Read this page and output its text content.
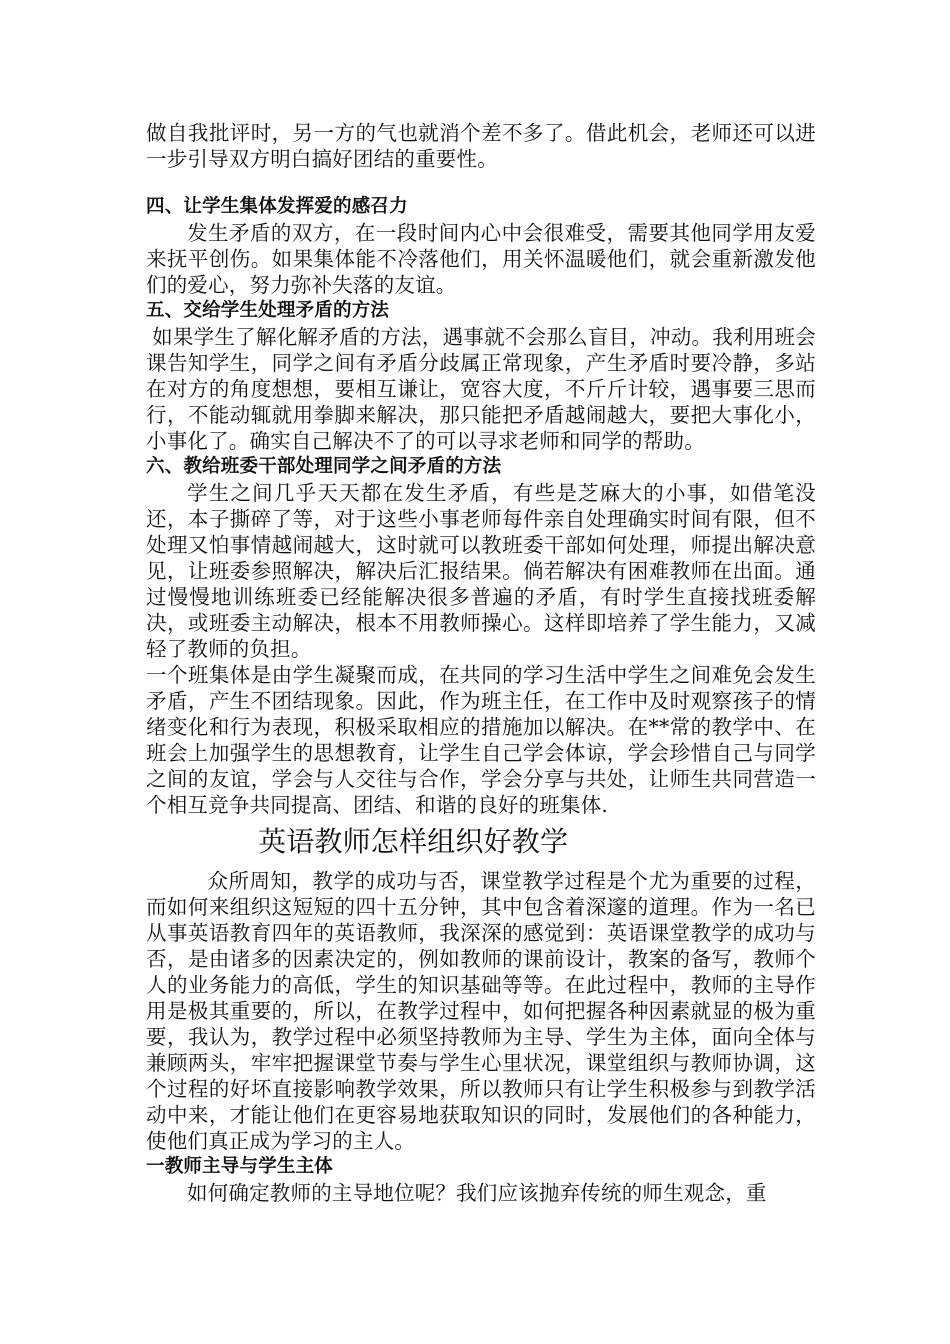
做自我批评时，另一方的气也就消个差不多了。借此机会，老师还可以进一步引导双方明白搞好团结的重要性。

四、让学生集体发挥爱的感召力

发生矛盾的双方，在一段时间内心中会很难受，需要其他同学用友爱来抚平创伤。如果集体能不冷落他们，用关怀温暖他们，就会重新激发他们的爱心，努力弥补失落的友谊。

五、交给学生处理矛盾的方法

如果学生了解化解矛盾的方法，遇事就不会那么盲目，冲动。我利用班会课告知学生，同学之间有矛盾分歧属正常现象，产生矛盾时要冷静，多站在对方的角度想想，要相互谦让，宽容大度，不斤斤计较，遇事要三思而行，不能动辄就用拳脚来解决，那只能把矛盾越闹越大，要把大事化小，小事化了。确实自己解决不了的可以寻求老师和同学的帮助。

六、教给班委干部处理同学之间矛盾的方法

学生之间几乎天天都在发生矛盾，有些是芝麻大的小事，如借笔没还，本子撕碎了等，对于这些小事老师每件亲自处理确实时间有限，但不处理又怕事情越闹越大，这时就可以教班委干部如何处理，师提出解决意见，让班委参照解决，解决后汇报结果。倘若解决有困难教师在出面。通过慢慢地训练班委已经能解决很多普遍的矛盾，有时学生直接找班委解决，或班委主动解决，根本不用教师操心。这样即培养了学生能力，又减轻了教师的负担。

一个班集体是由学生凝聚而成，在共同的学习生活中学生之间难免会发生矛盾，产生不团结现象。因此，作为班主任，在工作中及时观察孩子的情绪变化和行为表现，积极采取相应的措施加以解决。在**常的教学中、在班会上加强学生的思想教育，让学生自己学会体谅，学会珍惜自己与同学之间的友谊，学会与人交往与合作，学会分享与共处，让师生共同营造一个相互竞争共同提高、团结、和谐的良好的班集体.

英语教师怎样组织好教学

众所周知，教学的成功与否，课堂教学过程是个尤为重要的过程，而如何来组织这短短的四十五分钟，其中包含着深邃的道理。作为一名已从事英语教育四年的英语教师，我深深的感觉到：英语课堂教学的成功与否，是由诸多的因素决定的，例如教师的课前设计，教案的备写，教师个人的业务能力的高低，学生的知识基础等等。在此过程中，教师的主导作用是极其重要的，所以，在教学过程中，如何把握各种因素就显的极为重要，我认为，教学过程中必须坚持教师为主导、学生为主体，面向全体与兼顾两头，牢牢把握课堂节奏与学生心里状况，课堂组织与教师协调，这个过程的好坏直接影响教学效果，所以教师只有让学生积极参与到教学活动中来，才能让他们在更容易地获取知识的同时，发展他们的各种能力，使他们真正成为学习的主人。

一教师主导与学生主体

如何确定教师的主导地位呢？我们应该抛弃传统的师生观念，重
